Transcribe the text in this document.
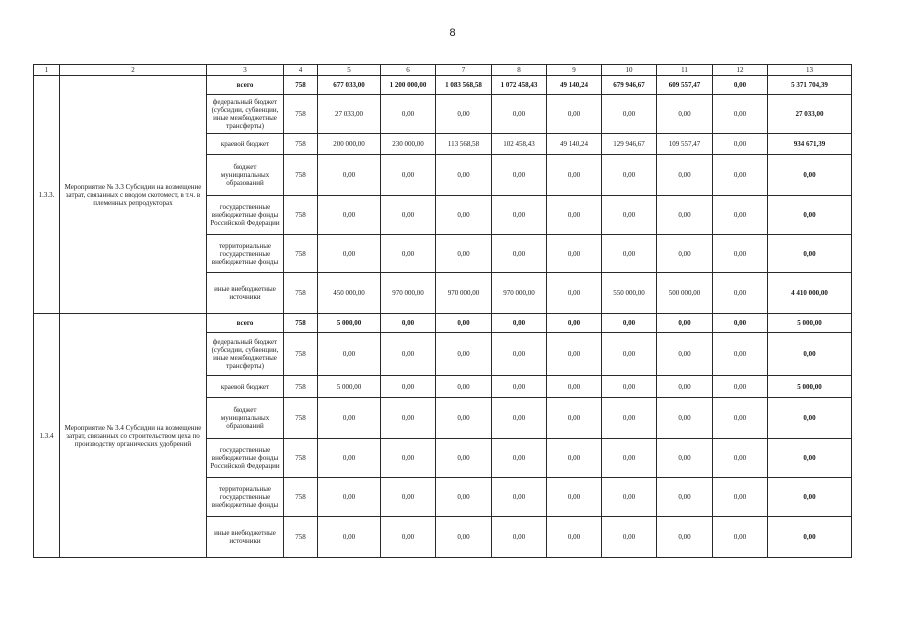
8
1	2	3	4	5	6	7	8	9	10	11	12	13
1.3.3.	Мероприятие № 3.3 Субсидии на возмещение затрат, связанных с вводом скотомест, в т.ч. в племенных репродукторах	всего	758	677 033,00	1 200 000,00	1 083 568,58	1 072 458,43	49 140,24	679 946,67	609 557,47	0,00	5 371 704,39
		федеральный бюджет (субсидии, субвенции, иные межбюджетные трансферты)	758	27 033,00	0,00	0,00	0,00	0,00	0,00	0,00	0,00	27 033,00
		краевой бюджет	758	200 000,00	230 000,00	113 568,58	102 458,43	49 140,24	129 946,67	109 557,47	0,00	934 671,39
		бюджет муниципальных образований	758	0,00	0,00	0,00	0,00	0,00	0,00	0,00	0,00	0,00
		государственные внебюджетные фонды Российской Федерации	758	0,00	0,00	0,00	0,00	0,00	0,00	0,00	0,00	0,00
		территориальные государственные внебюджетные фонды	758	0,00	0,00	0,00	0,00	0,00	0,00	0,00	0,00	0,00
		иные внебюджетные источники	758	450 000,00	970 000,00	970 000,00	970 000,00	0,00	550 000,00	500 000,00	0,00	4 410 000,00
1.3.4	Мероприятие № 3.4 Субсидии на возмещение затрат, связанных со строительством цеха по производству органических удобрений	всего	758	5 000,00	0,00	0,00	0,00	0,00	0,00	0,00	0,00	5 000,00
		федеральный бюджет (субсидии, субвенции, иные межбюджетные трансферты)	758	0,00	0,00	0,00	0,00	0,00	0,00	0,00	0,00	0,00
		краевой бюджет	758	5 000,00	0,00	0,00	0,00	0,00	0,00	0,00	0,00	5 000,00
		бюджет муниципальных образований	758	0,00	0,00	0,00	0,00	0,00	0,00	0,00	0,00	0,00
		государственные внебюджетные фонды Российской Федерации	758	0,00	0,00	0,00	0,00	0,00	0,00	0,00	0,00	0,00
		территориальные государственные внебюджетные фонды	758	0,00	0,00	0,00	0,00	0,00	0,00	0,00	0,00	0,00
		иные внебюджетные источники	758	0,00	0,00	0,00	0,00	0,00	0,00	0,00	0,00	0,00
